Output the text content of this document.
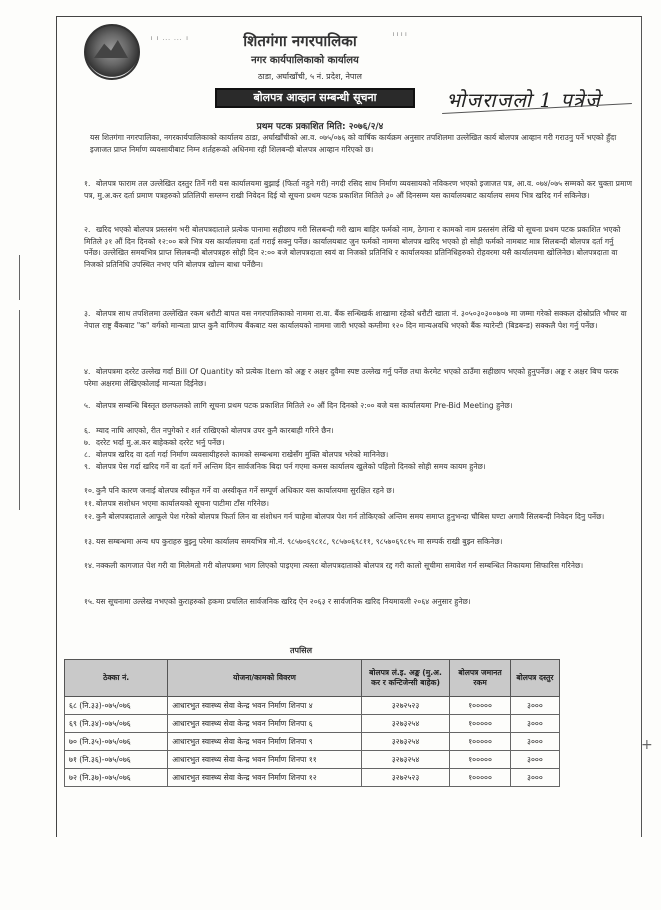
+
। । ... ... ।
। । । ।
शितगंगा नगरपालिका
नगर कार्यपालिकाको कार्यालय
ठाडा, अर्घाखाँची, ५ नं. प्रदेश, नेपाल
बोलपत्र आव्हान सम्बन्धी सूचना	भोजराजलो 1 पत्रेजे
प्रथम पटक प्रकाशित मिति: २०७६/२/४
यस शितगंगा नगरपालिका, नगरकार्यपालिकाको कार्यालय ठाडा, अर्घाखाँचीको आ.व. ०७५/०७६ को वार्षिक कार्यक्रम अनुसार तपशिलमा उल्लेखित कार्य बोलपत्र आव्हान गरी गराउनु पर्ने भएको हुँदा इजाजत प्राप्त निर्माण व्यवसायीबाट निम्न शर्तहरूको अधिनमा रही शिलबन्दी बोलपत्र आव्हान गरिएको छ।
१. बोलपत्र फाराम तल उल्लेखित दस्तुर तिर्ने गरी यस कार्यालयमा बुझाई (फिर्ता नहुने गरी) नगदी रसिद साथ निर्माण व्यवसायको नविकरण भएको इजाजत पत्र, आ.व. ०७४/०७५ सम्मको कर चुक्ता प्रमाण पत्र, मु.अ.कर दर्ता प्रमाण पत्रहरुको प्रतिलिपी सम्लग्न राखी निवेदन दिई यो सूचना प्रथम पटक प्रकाशित मितिले ३० औं दिनसम्म यस कार्यालयबाट कार्यालय समय भित्र खरिद गर्न सकिनेछ।
२. खरिद भएको बोलपत्र प्रस्तसंग भरी बोलपत्रदाताले प्रत्येक पानामा सहीछाप गरी सिलबन्दी गरी खाम बाहिर फर्मको नाम, ठेगाना र कामको नाम प्रस्तसंग लेखि यो सूचना प्रथम पटक प्रकाशित भएको मितिले ३१ औं दिन दिनको १२:०० बजे भित्र यस कार्यालयमा दर्ता गराई सक्नु पर्नेछ। कार्यालयबाट जुन फर्मको नाममा बोलपत्र खरिद भएको हो सोही फर्मको नामबाट मात्र सिलबन्दी बोलपत्र दर्ता गर्नु पर्नेछ। उल्लेखित समयभित्र प्राप्त सिलबन्दी बोलपत्रहरु सोही दिन २:०० बजे बोलपत्रदाता स्वयं वा निजको प्रतिनिधि र कार्यालयका प्रतिनिधिहरुको रोहवरमा यसै कार्यालयमा खोलिनेछ। बोलपत्रदाता वा निजको प्रतिनिधि उपस्थित नभए पनि बोलपत्र खोल्न बाधा पर्नेछैन।
३. बोलपत्र साथ तपशिलमा उल्लेखित रकम धरौटी बापत यस नगरपालिकाको नाममा रा.वा. बैंक सन्धिखर्क शाखामा रहेको धरौटी खाता नं. ३०५०३०३००७०७ मा जम्मा गरेको सक्कल दोस्रोप्रति भौचर वा नेपाल राष्ट्र बैंकबाट "क" वर्गको मान्यता प्राप्त कुनै वाणिज्य बैंकबाट यस कार्यालयको नाममा जारी भएको कम्तीमा १२० दिन मान्यअवधि भएको बैंक ग्यारेन्टी (बिडबन्ड) सक्कलै पेश गर्नु पर्नेछ।
४. बोलपत्रमा दररेट उल्लेख गर्दा Bill Of Quantity को प्रत्येक Item को अङ्क र अक्षर दुवैमा स्पष्ट उल्लेख गर्नु पर्नेछ तथा केरमेट भएको ठाउँमा सहीछाप भएको हुनुपर्नेछ। अङ्क र अक्षर बिच फरक परेमा अक्षरमा लेखिएकोलाई मान्यता दिईनेछ।
५. बोलपत्र सम्बन्धि बिस्तृत छलफलको लागि सूचना प्रथम पटक प्रकाशित मितिले २० औं दिन दिनको २:०० बजे यस कार्यालयमा Pre-Bid Meeting हुनेछ।
६. म्याद नाघि आएको, रीत नपुगेको र शर्त राखिएको बोलपत्र उपर कुनै कारबाही गरिने छैन।
७. दररेट भर्दा मु.अ.कर बाहेकको दररेट भर्नु पर्नेछ।
८. बोलपत्र खरिद वा दर्ता गर्दा निर्माण व्यवसायीहरुले कामको सम्बन्धमा राखेसँग मुक्ति बोलपत्र भरेको मानिनेछ।
९. बोलपत्र पेस गर्दा खरिद गर्ने वा दर्ता गर्ने अन्तिम दिन सार्वजनिक बिदा पर्न गएमा कमस कार्यालय खुलेको पहिलो दिनको सोही समय कायम हुनेछ।
१०. कुनै पनि कारण जनाई बोलपत्र स्वीकृत गर्ने वा अस्वीकृत गर्ने सम्पूर्ण अधिकार यस कार्यालयमा सुरक्षित रहने छ।
११. बोलपत्र सशोधन भएमा कार्यालयको सूचना पाटीमा टाँस गरिनेछ।
१२. कुनै बोलपत्रदाताले आफूले पेश गरेको बोलपत्र फिर्ता लिन वा संशोधन गर्न चाहेमा बोलपत्र पेश गर्न तोकिएको अन्तिम समय समाप्त हुनुभन्दा चौबिस घण्टा अगावै सिलबन्दी निवेदन दिनु पर्नेछ।
१३. यस सम्बन्धमा अन्य थप कुराहरु बुझ्नु परेमा कार्यालय समयभित्र मो.नं. ९८५७०६९८१८, ९८५७०६९८११, ९८५७०६९८१५ मा सम्पर्क राखी बुझ्न सकिनेछ।
१४. नक्कली कागजात पेश गरी वा मिलेमतो गरी बोलपत्रमा भाग लिएको पाइएमा त्यस्ता बोलपत्रदाताको बोलपत्र रद्द गरी कालो सूचीमा समावेश गर्न सम्बन्धित निकायमा सिफारिस गरिनेछ।
१५. यस सूचनामा उल्लेख नभएको कुराहरुको हकमा प्रचलित सार्वजनिक खरिद ऐन २०६३ र सार्वजनिक खरिद नियमावली २०६४ अनुसार हुनेछ।
तपसिल
ठेक्का नं.	योजना/कामको विवरण	बोलपत्र लं.इ. अङ्क (मु.अ. कर र कन्टिजेन्सी बाहेक)	बोलपत्र जमानत रकम	बोलपत्र दस्तुर
६८ (नि.३३)-०७५/०७६	आधारभुत स्वास्थ्य सेवा केन्द्र भवन निर्माण शिनपा ४	३२७२५२३	१०००००	३०००
६९ (नि.३४)-०७५/०७६	आधारभुत स्वास्थ्य सेवा केन्द्र भवन निर्माण शिनपा ६	३२७३२५४	१०००००	३०००
७० (नि.३५)-०७५/०७६	आधारभुत स्वास्थ्य सेवा केन्द्र भवन निर्माण शिनपा ९	३२७३२५४	१०००००	३०००
७१ (नि.३६)-०७५/०७६	आधारभुत स्वास्थ्य सेवा केन्द्र भवन निर्माण शिनपा ११	३२७३२५४	१०००००	३०००
७२ (नि.३७)-०७५/०७६	आधारभुत स्वास्थ्य सेवा केन्द्र भवन निर्माण शिनपा १२	३२७२५२३	१०००००	३०००
